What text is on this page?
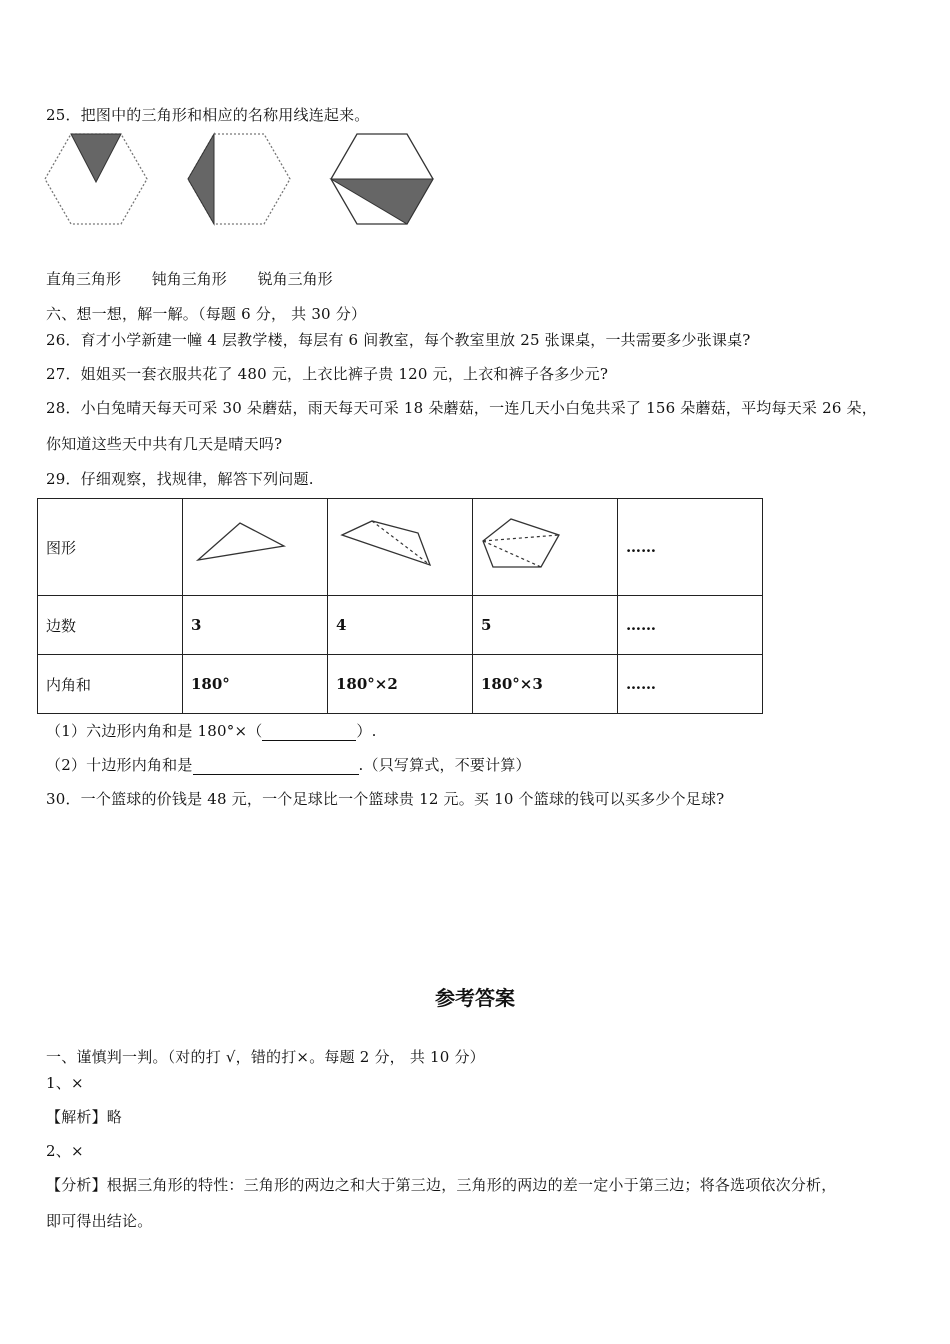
25．把图中的三角形和相应的名称用线连起来。
直角三角形 钝角三角形 锐角三角形
六、想一想，解一解。（每题 6 分， 共 30 分）
26．育才小学新建一幢 4 层教学楼，每层有 6 间教室，每个教室里放 25 张课桌，一共需要多少张课桌?
27．姐姐买一套衣服共花了 480 元，上衣比裤子贵 120 元，上衣和裤子各多少元?
28．小白兔晴天每天可采 30 朵蘑菇，雨天每天可采 18 朵蘑菇，一连几天小白兔共采了 156 朵蘑菇，平均每天采 26 朵，
你知道这些天中共有几天是晴天吗?
29．仔细观察，找规律，解答下列问题.
图形				……
边数	3	4	5	……
内角和	180°	180°×2	180°×3	……
（1）六边形内角和是 180°×（	）.
（2）十边形内角和是	.（只写算式，不要计算）
30．一个篮球的价钱是 48 元，一个足球比一个篮球贵 12 元。买 10 个篮球的钱可以买多少个足球?
参考答案
一、谨慎判一判。（对的打 √，错的打×。每题 2 分， 共 10 分）
1、×
【解析】略
2、×
【分析】根据三角形的特性：三角形的两边之和大于第三边，三角形的两边的差一定小于第三边；将各选项依次分析，
即可得出结论。
